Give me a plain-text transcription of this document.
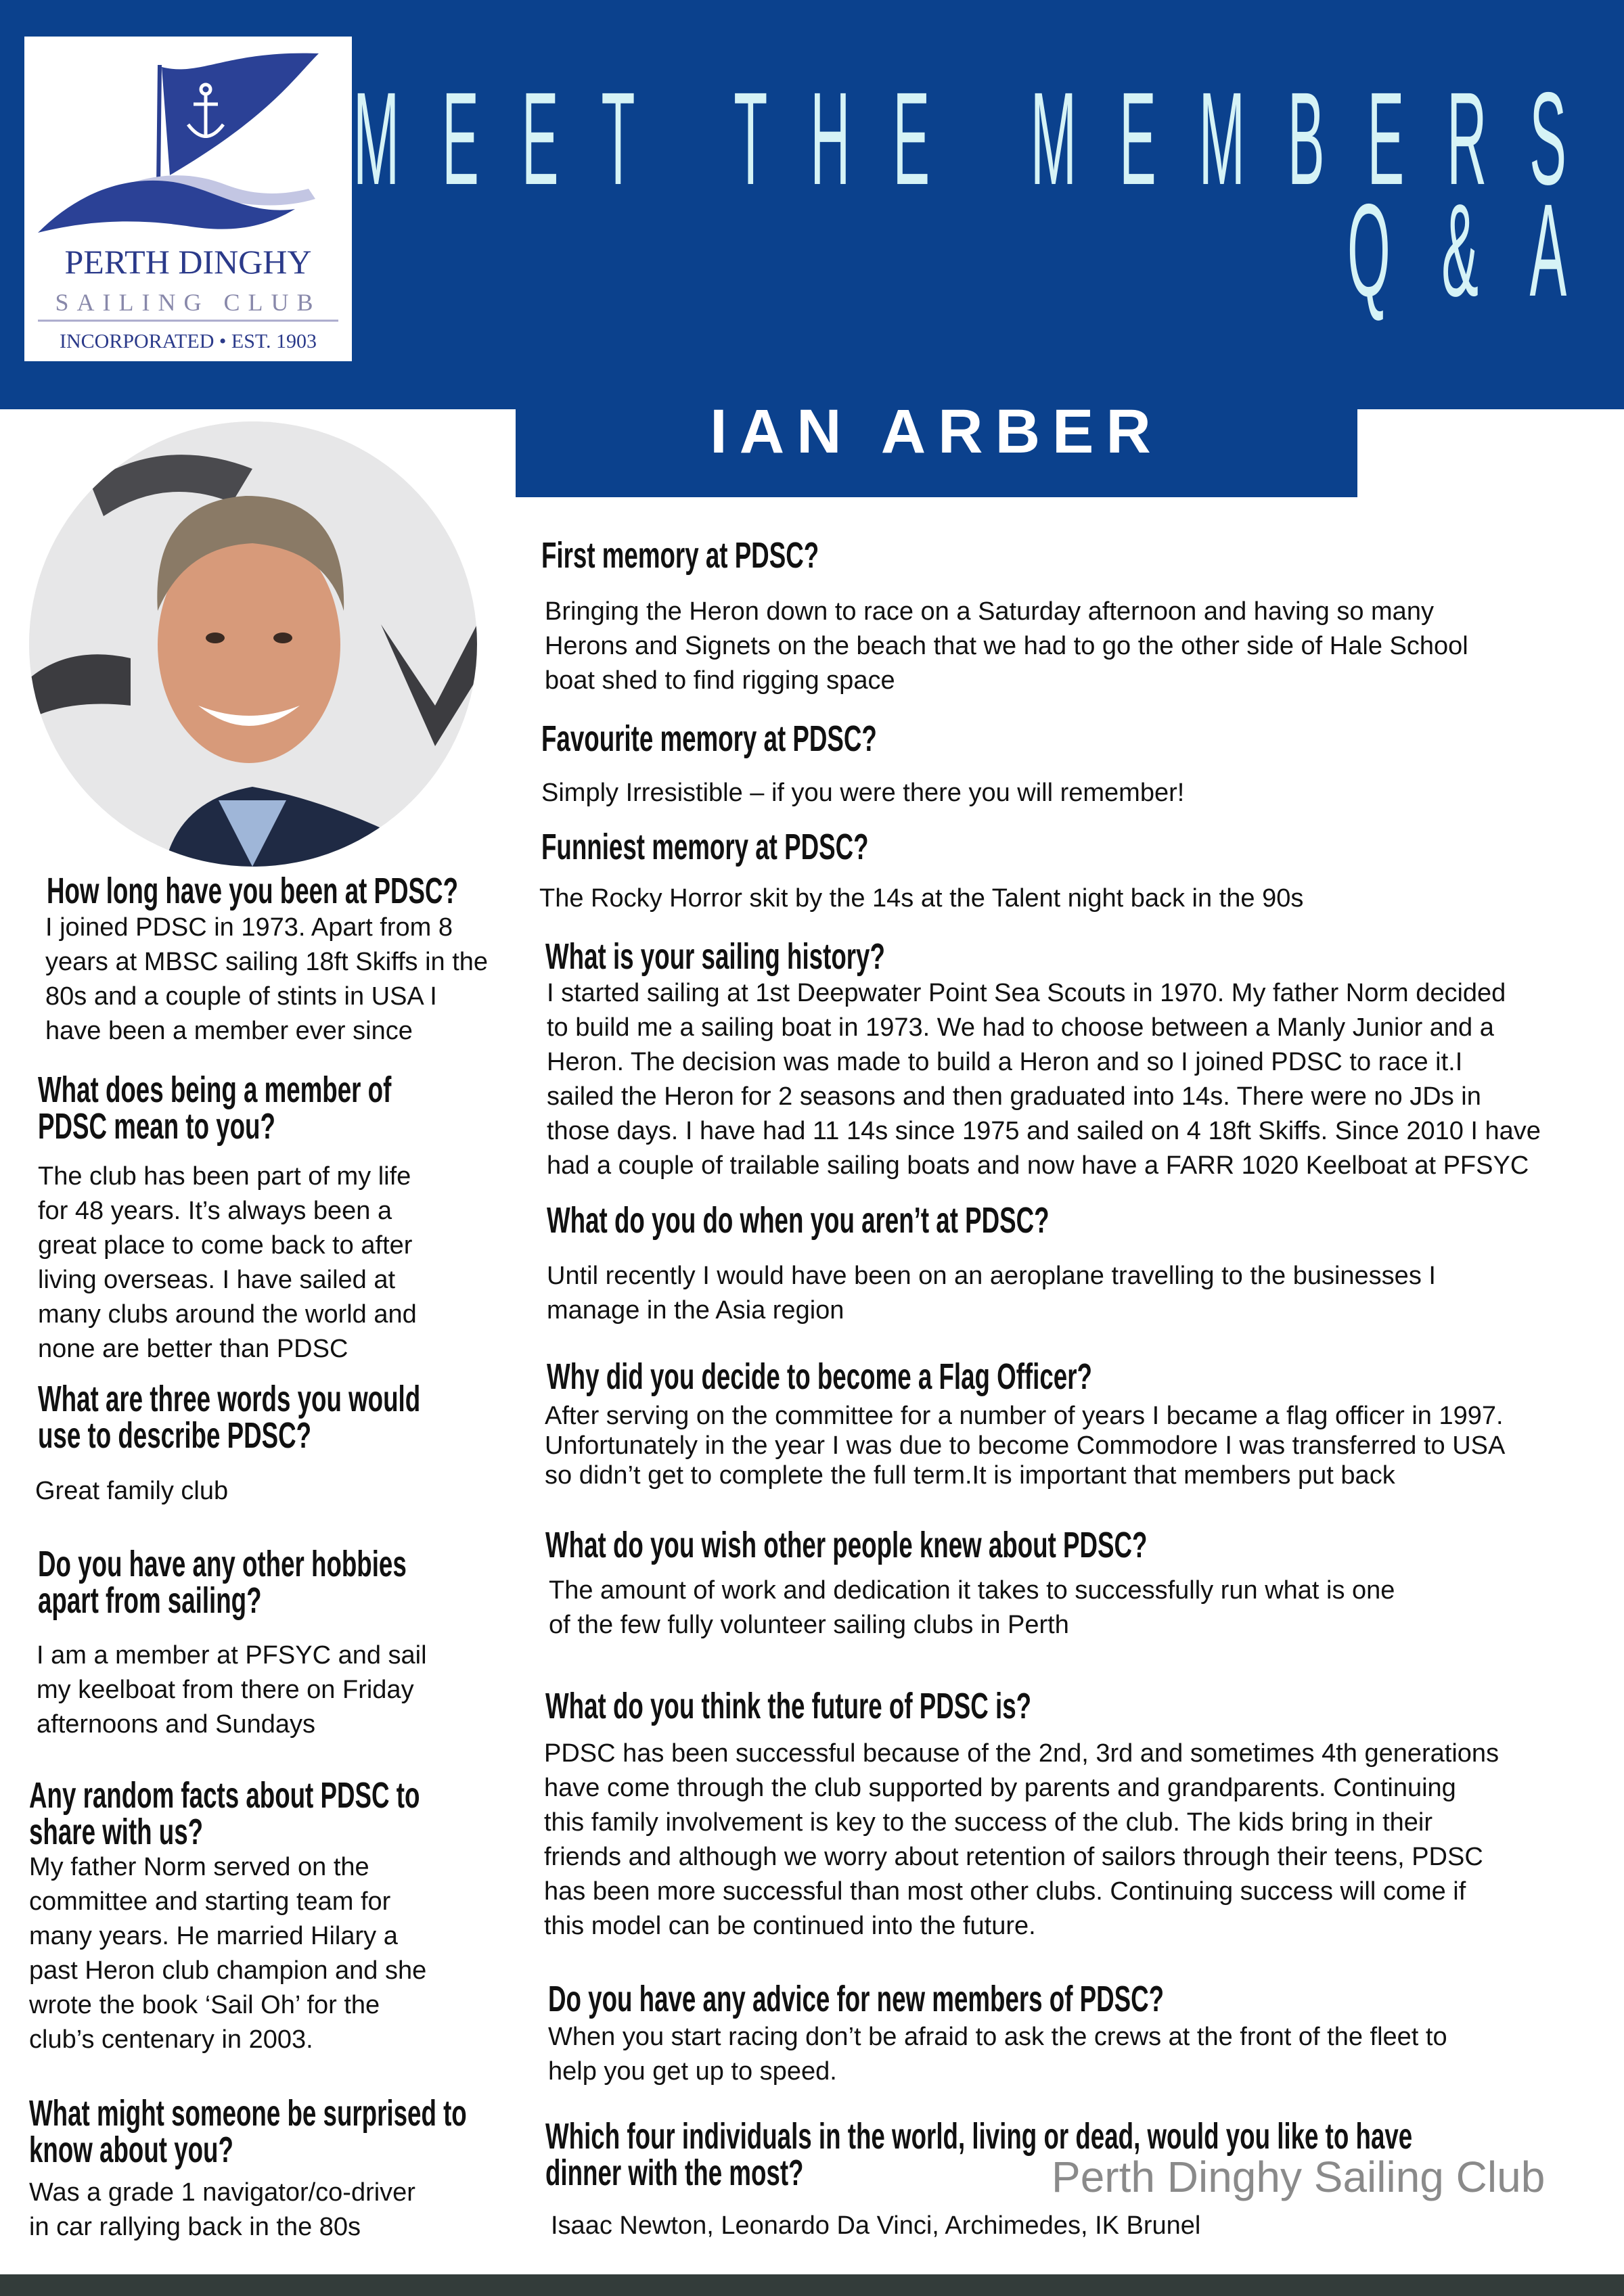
PERTH DINGHY
SAILING CLUB
INCORPORATED • EST. 1903
MEET THE MEMBERS
Q&A
IAN ARBER
How long have you been at PDSC?
I joined PDSC in 1973. Apart from 8
years at MBSC sailing 18ft Skiffs in the
80s and a couple of stints in USA I
have been a member ever since
What does being a member of
PDSC mean to you?
The club has been part of my life
for 48 years. It’s always been a
great place to come back to after
living overseas. I have sailed at
many clubs around the world and
none are better than PDSC
What are three words you would
use to describe PDSC?
Great family club
Do you have any other hobbies
apart from sailing?
I am a member at PFSYC and sail
my keelboat from there on Friday
afternoons and Sundays
Any random facts about PDSC to
share with us?
My father Norm served on the
committee and starting team for
many years. He married Hilary a
past Heron club champion and she
wrote the book ‘Sail Oh’ for the
club’s centenary in 2003.
What might someone be surprised to
know about you?
Was a grade 1 navigator/co-driver
in car rallying back in the 80s
First memory at PDSC?
Bringing the Heron down to race on a Saturday afternoon and having so many
Herons and Signets on the beach that we had to go the other side of Hale School
boat shed to find rigging space
Favourite memory at PDSC?
Simply Irresistible – if you were there you will remember!
Funniest memory at PDSC?
The Rocky Horror skit by the 14s at the Talent night back in the 90s
What is your sailing history?
I started sailing at 1st Deepwater Point Sea Scouts in 1970. My father Norm decided
to build me a sailing boat in 1973. We had to choose between a Manly Junior and a
Heron. The decision was made to build a Heron and so I joined PDSC to race it.I
sailed the Heron for 2 seasons and then graduated into 14s. There were no JDs in
those days. I have had 11 14s since 1975 and sailed on 4 18ft Skiffs. Since 2010 I have
had a couple of trailable sailing boats and now have a FARR 1020 Keelboat at PFSYC
What do you do when you aren’t at PDSC?
Until recently I would have been on an aeroplane travelling to the businesses I
manage in the Asia region
Why did you decide to become a Flag Officer?
After serving on the committee for a number of years I became a flag officer in 1997.
Unfortunately in the year I was due to become Commodore I was transferred to USA
so didn’t get to complete the full term.It is important that members put back
What do you wish other people knew about PDSC?
The amount of work and dedication it takes to successfully run what is one
of the few fully volunteer sailing clubs in Perth
What do you think the future of PDSC is?
PDSC has been successful because of the 2nd, 3rd and sometimes 4th generations
have come through the club supported by parents and grandparents. Continuing
this family involvement is key to the success of the club. The kids bring in their
friends and although we worry about retention of sailors through their teens, PDSC
has been more successful than most other clubs. Continuing success will come if
this model can be continued into the future.
Do you have any advice for new members of PDSC?
When you start racing don’t be afraid to ask the crews at the front of the fleet to
help you get up to speed.
Which four individuals in the world, living or dead, would you like to have
dinner with the most?
Isaac Newton, Leonardo Da Vinci, Archimedes, IK Brunel
Perth Dinghy Sailing Club
